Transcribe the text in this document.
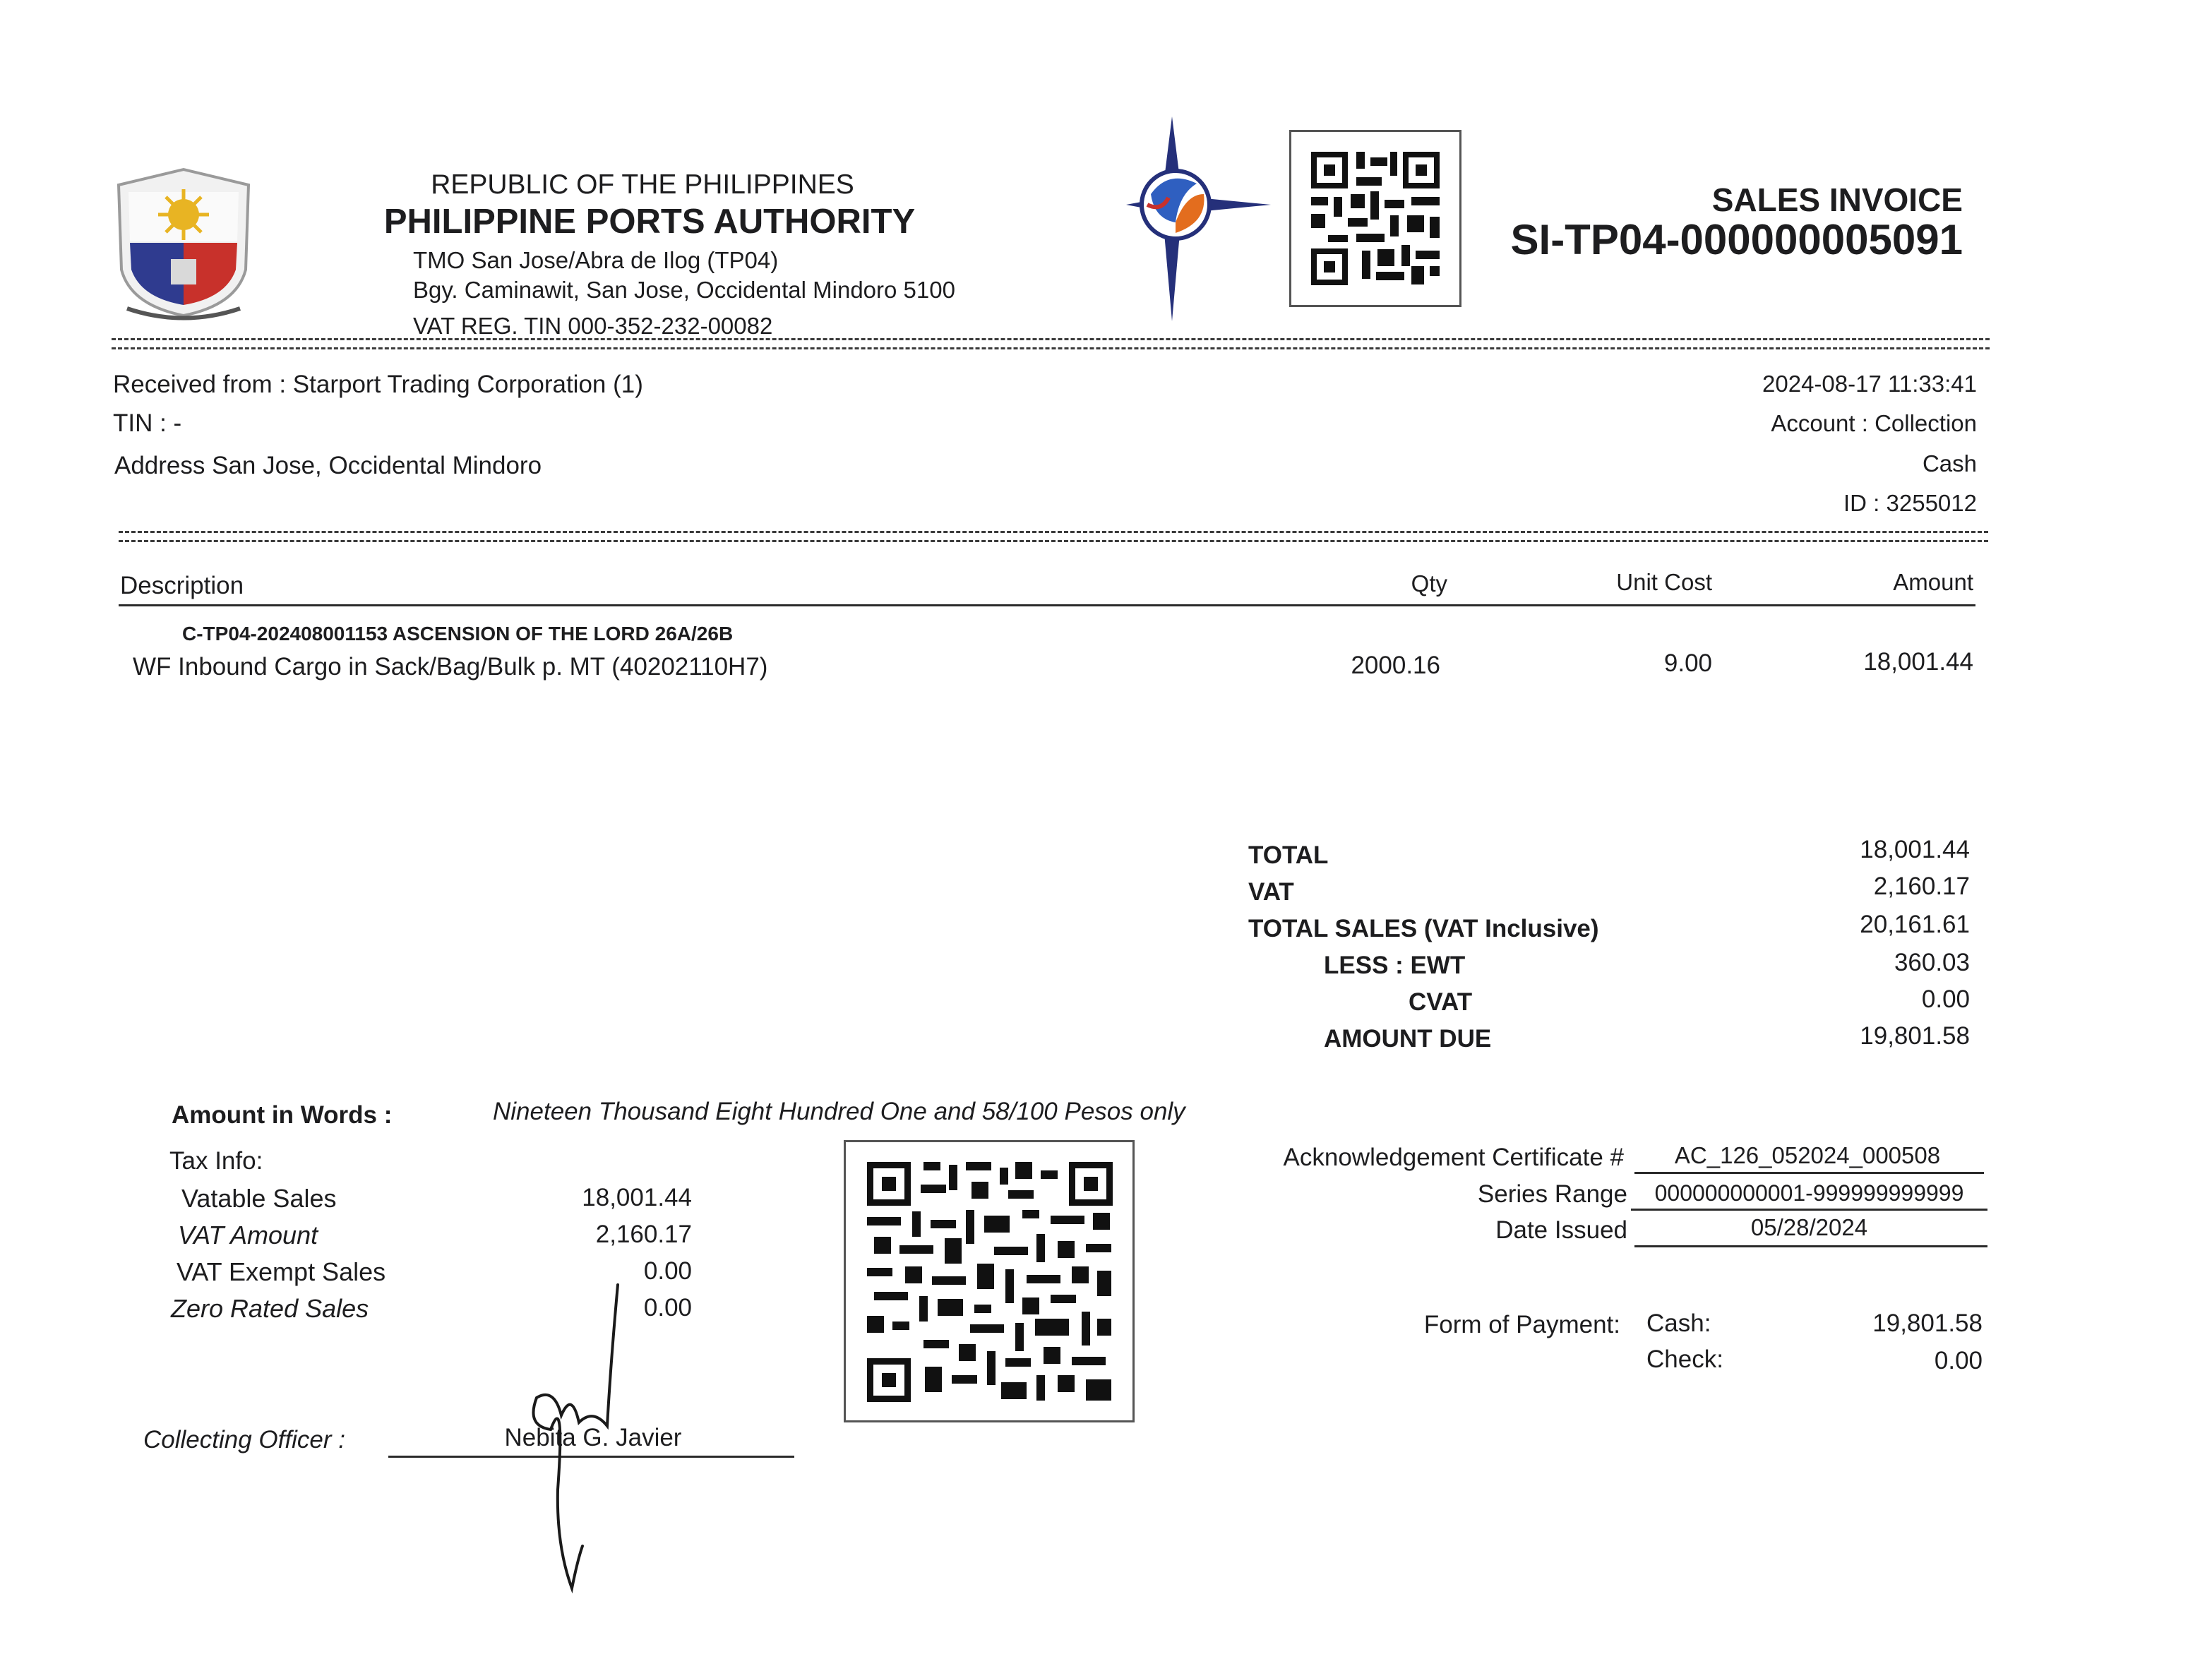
REPUBLIC OF THE PHILIPPINES
PHILIPPINE PORTS AUTHORITY
TMO San Jose/Abra de Ilog (TP04)
Bgy. Caminawit, San Jose, Occidental Mindoro 5100
VAT REG. TIN 000-352-232-00082
SALES INVOICE
SI-TP04-000000005091
Received from : Starport Trading Corporation (1)
TIN : -
Address San Jose, Occidental Mindoro
2024-08-17 11:33:41
Account : Collection
Cash
ID : 3255012
Description	Qty	Unit Cost	Amount
C-TP04-202408001153 ASCENSION OF THE LORD 26A/26B
WF Inbound Cargo in Sack/Bag/Bulk p. MT (40202110H7)	2000.16	9.00	18,001.44
TOTAL	18,001.44
VAT	2,160.17
TOTAL SALES (VAT Inclusive)	20,161.61
LESS : EWT	360.03
CVAT	0.00
AMOUNT DUE	19,801.58
Amount in Words :	Nineteen Thousand Eight Hundred One and 58/100 Pesos only
Tax Info:
Vatable Sales	18,001.44
VAT Amount	2,160.17
VAT Exempt Sales	0.00
Zero Rated Sales	0.00
Collecting Officer :	Nebita G. Javier
Acknowledgement Certificate #	AC_126_052024_000508
Series Range	000000000001-999999999999
Date Issued	05/28/2024
Form of Payment: Cash:	19,801.58
Check:	0.00
